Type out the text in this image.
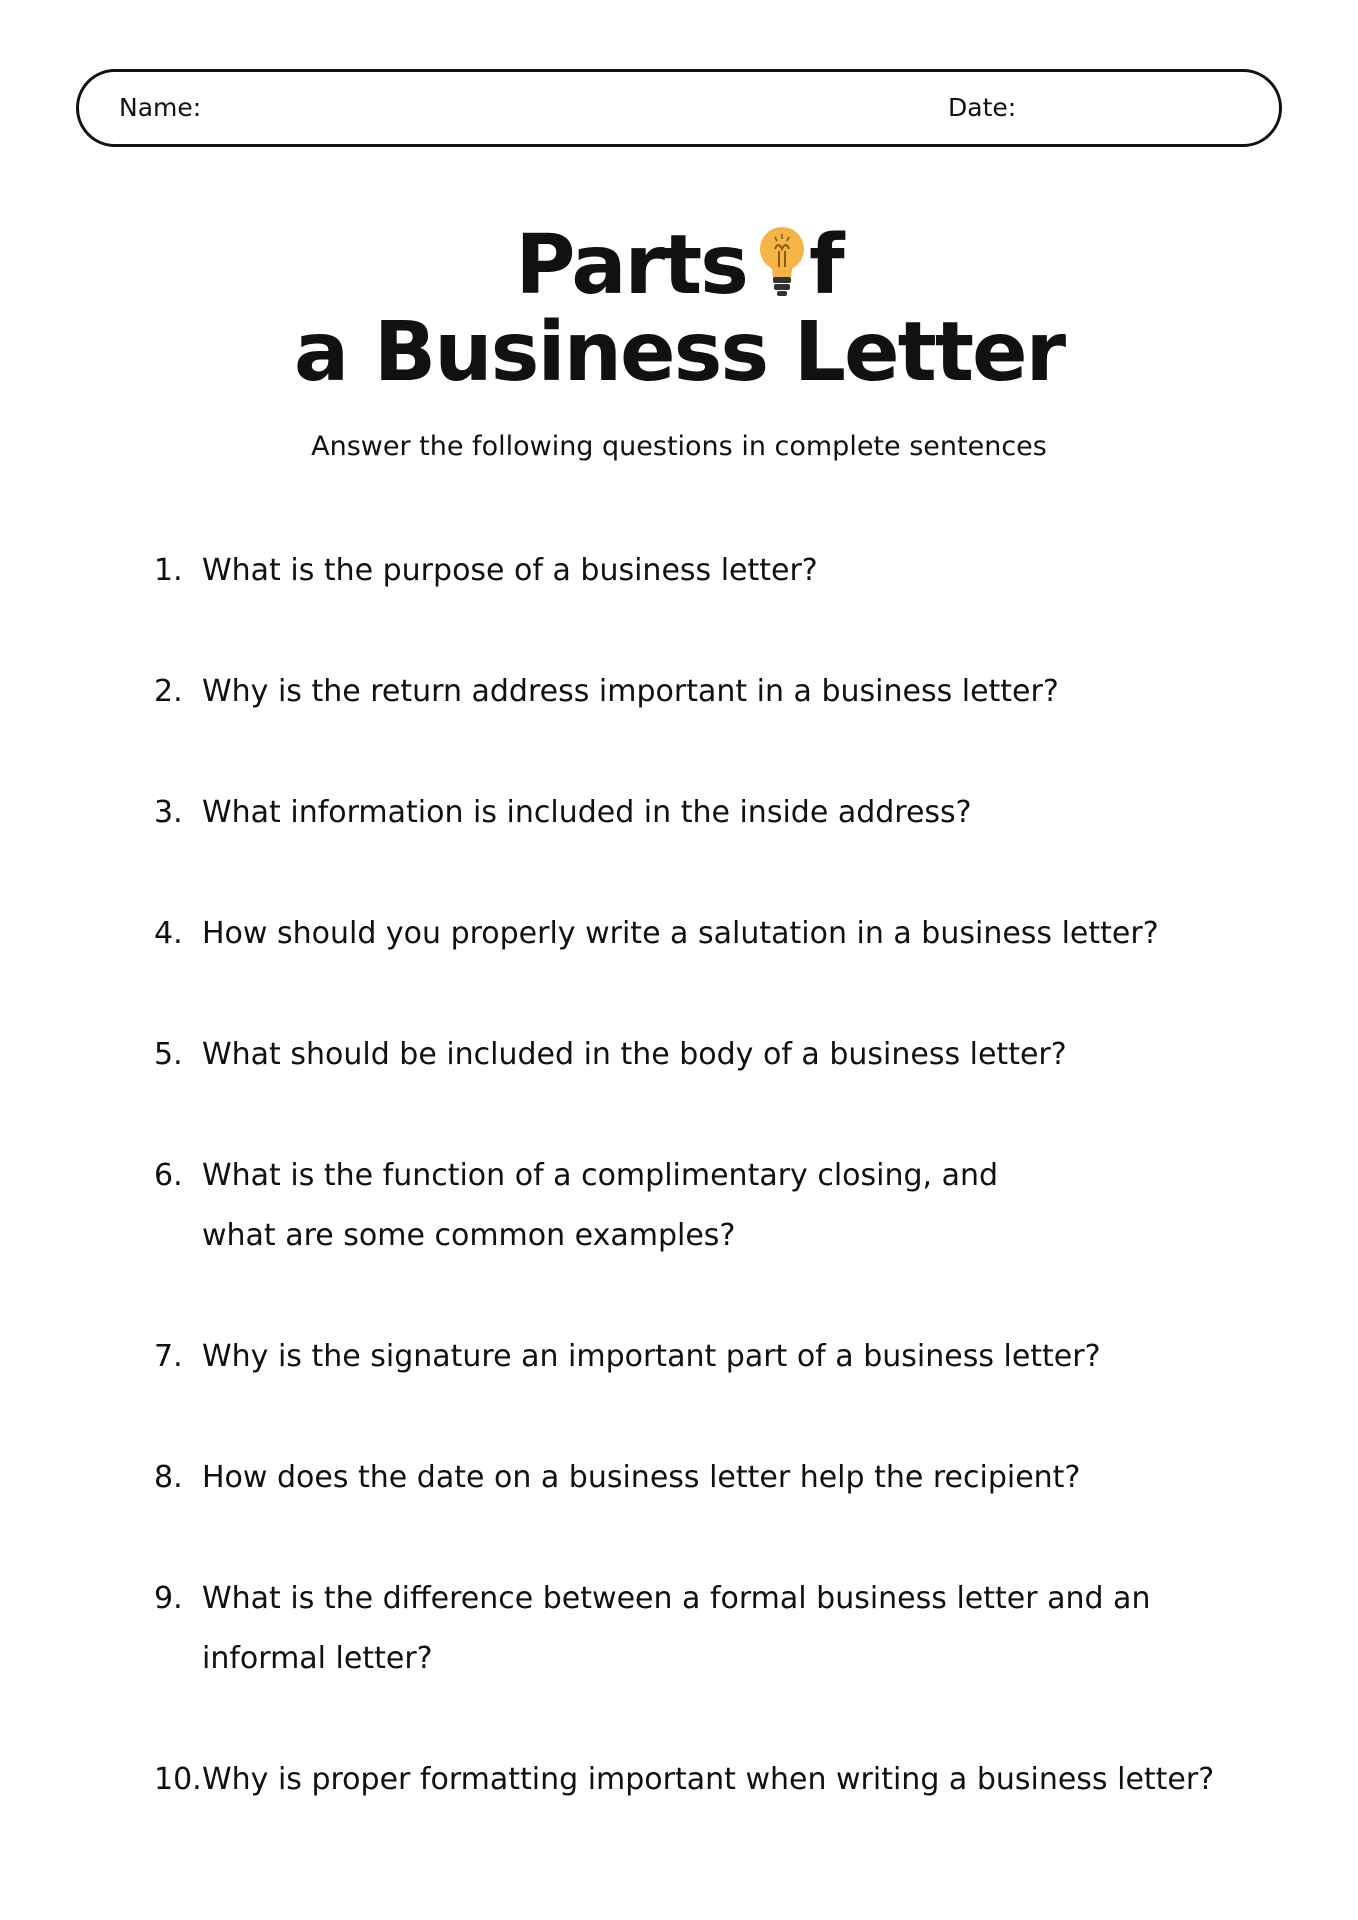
Name:	Date:
Parts f
a Business Letter
Answer the following questions in complete sentences
1. What is the purpose of a business letter?
2. Why is the return address important in a business letter?
3. What information is included in the inside address?
4. How should you properly write a salutation in a business letter?
5. What should be included in the body of a business letter?
6. What is the function of a complimentary closing, and what are some common examples?
7. Why is the signature an important part of a business letter?
8. How does the date on a business letter help the recipient?
9. What is the difference between a formal business letter and an informal letter?
10. Why is proper formatting important when writing a business letter?
